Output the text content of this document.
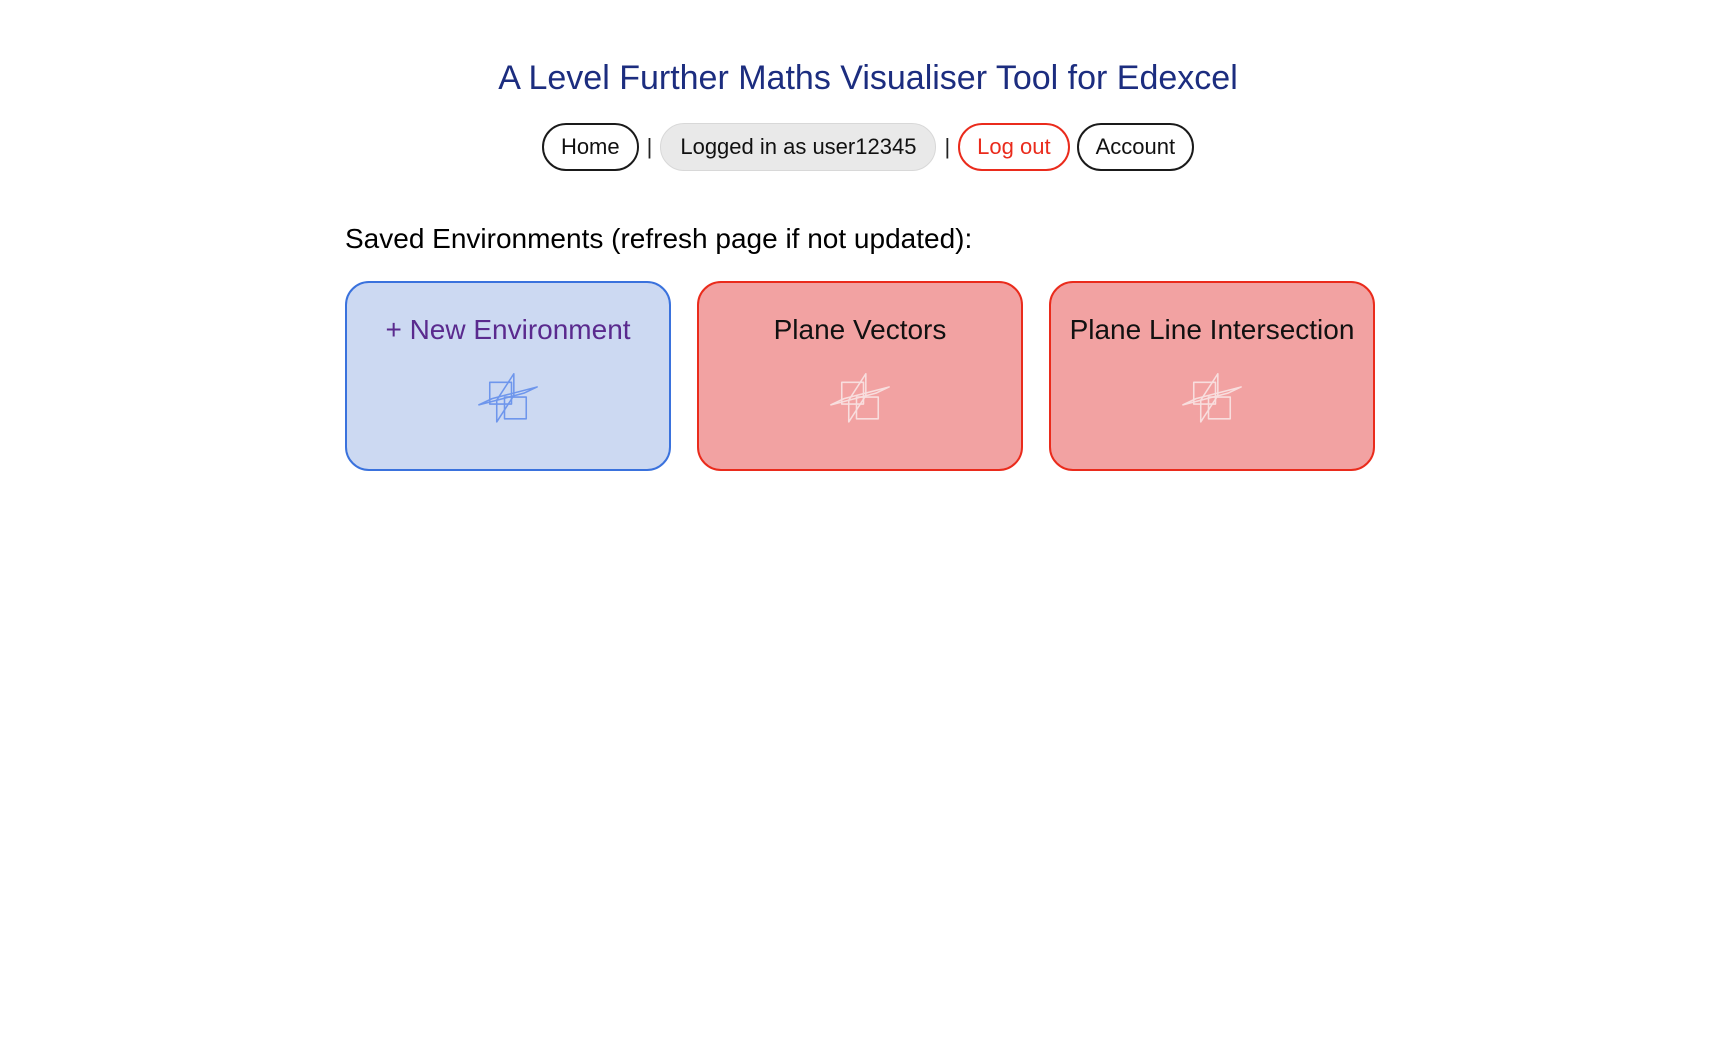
A Level Further Maths Visualiser Tool for Edexcel
Home	|	Logged in as user12345	|	Log out	Account
Saved Environments (refresh page if not updated):
+ New Environment	Plane Vectors	Plane Line Intersection
